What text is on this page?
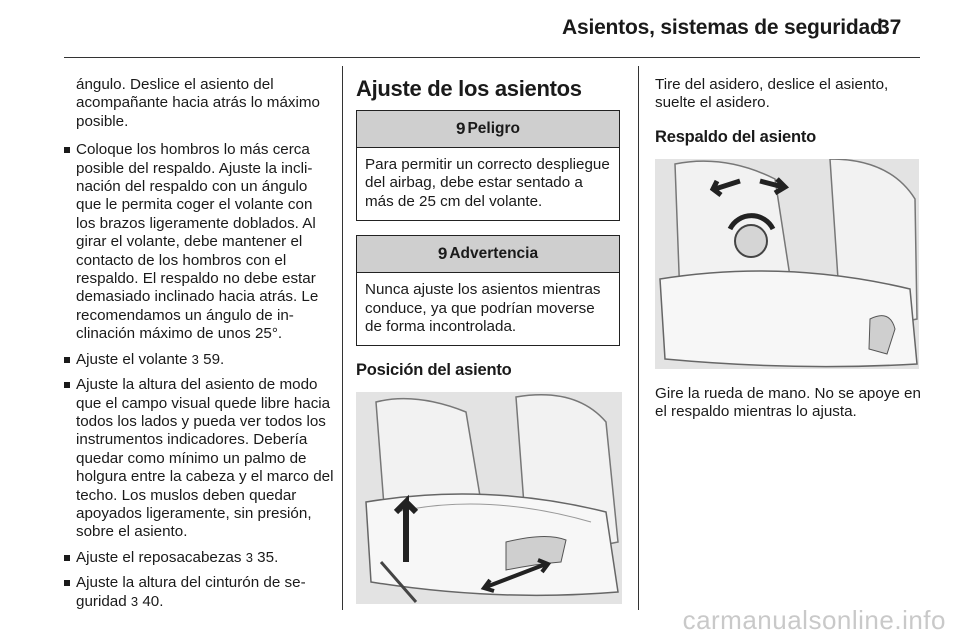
Asientos, sistemas de seguridad
37

ángulo. Deslice el asiento del acompañante hacia atrás lo máximo posible.

Coloque los hombros lo más cerca posible del respaldo. Ajuste la inclinación del respaldo con un ángulo que le permita coger el volante con los brazos ligeramente doblados. Al girar el volante, debe mantener el contacto de los hombros con el respaldo. El respaldo no debe estar demasiado inclinado hacia atrás. Le recomendamos un ángulo de inclinación máximo de unos 25°.
Ajuste el volante 3 59.
Ajuste la altura del asiento de modo que el campo visual quede libre hacia todos los lados y pueda ver todos los instrumentos indicadores. Debería quedar como mínimo un palmo de holgura entre la cabeza y el marco del techo. Los muslos deben quedar apoyados ligeramente, sin presión, sobre el asiento.
Ajuste el reposacabezas 3 35.
Ajuste la altura del cinturón de seguridad 3 40.
Ajuste de los asientos
9 Peligro
Para permitir un correcto despliegue del airbag, debe estar sentado a más de 25 cm del volante.
9 Advertencia
Nunca ajuste los asientos mientras conduce, ya que podrían moverse de forma incontrolada.
Posición del asiento

Tire del asidero, deslice el asiento, suelte el asidero.

Respaldo del asiento

Gire la rueda de mano. No se apoye en el respaldo mientras lo ajusta.

carmanualsonline.info
